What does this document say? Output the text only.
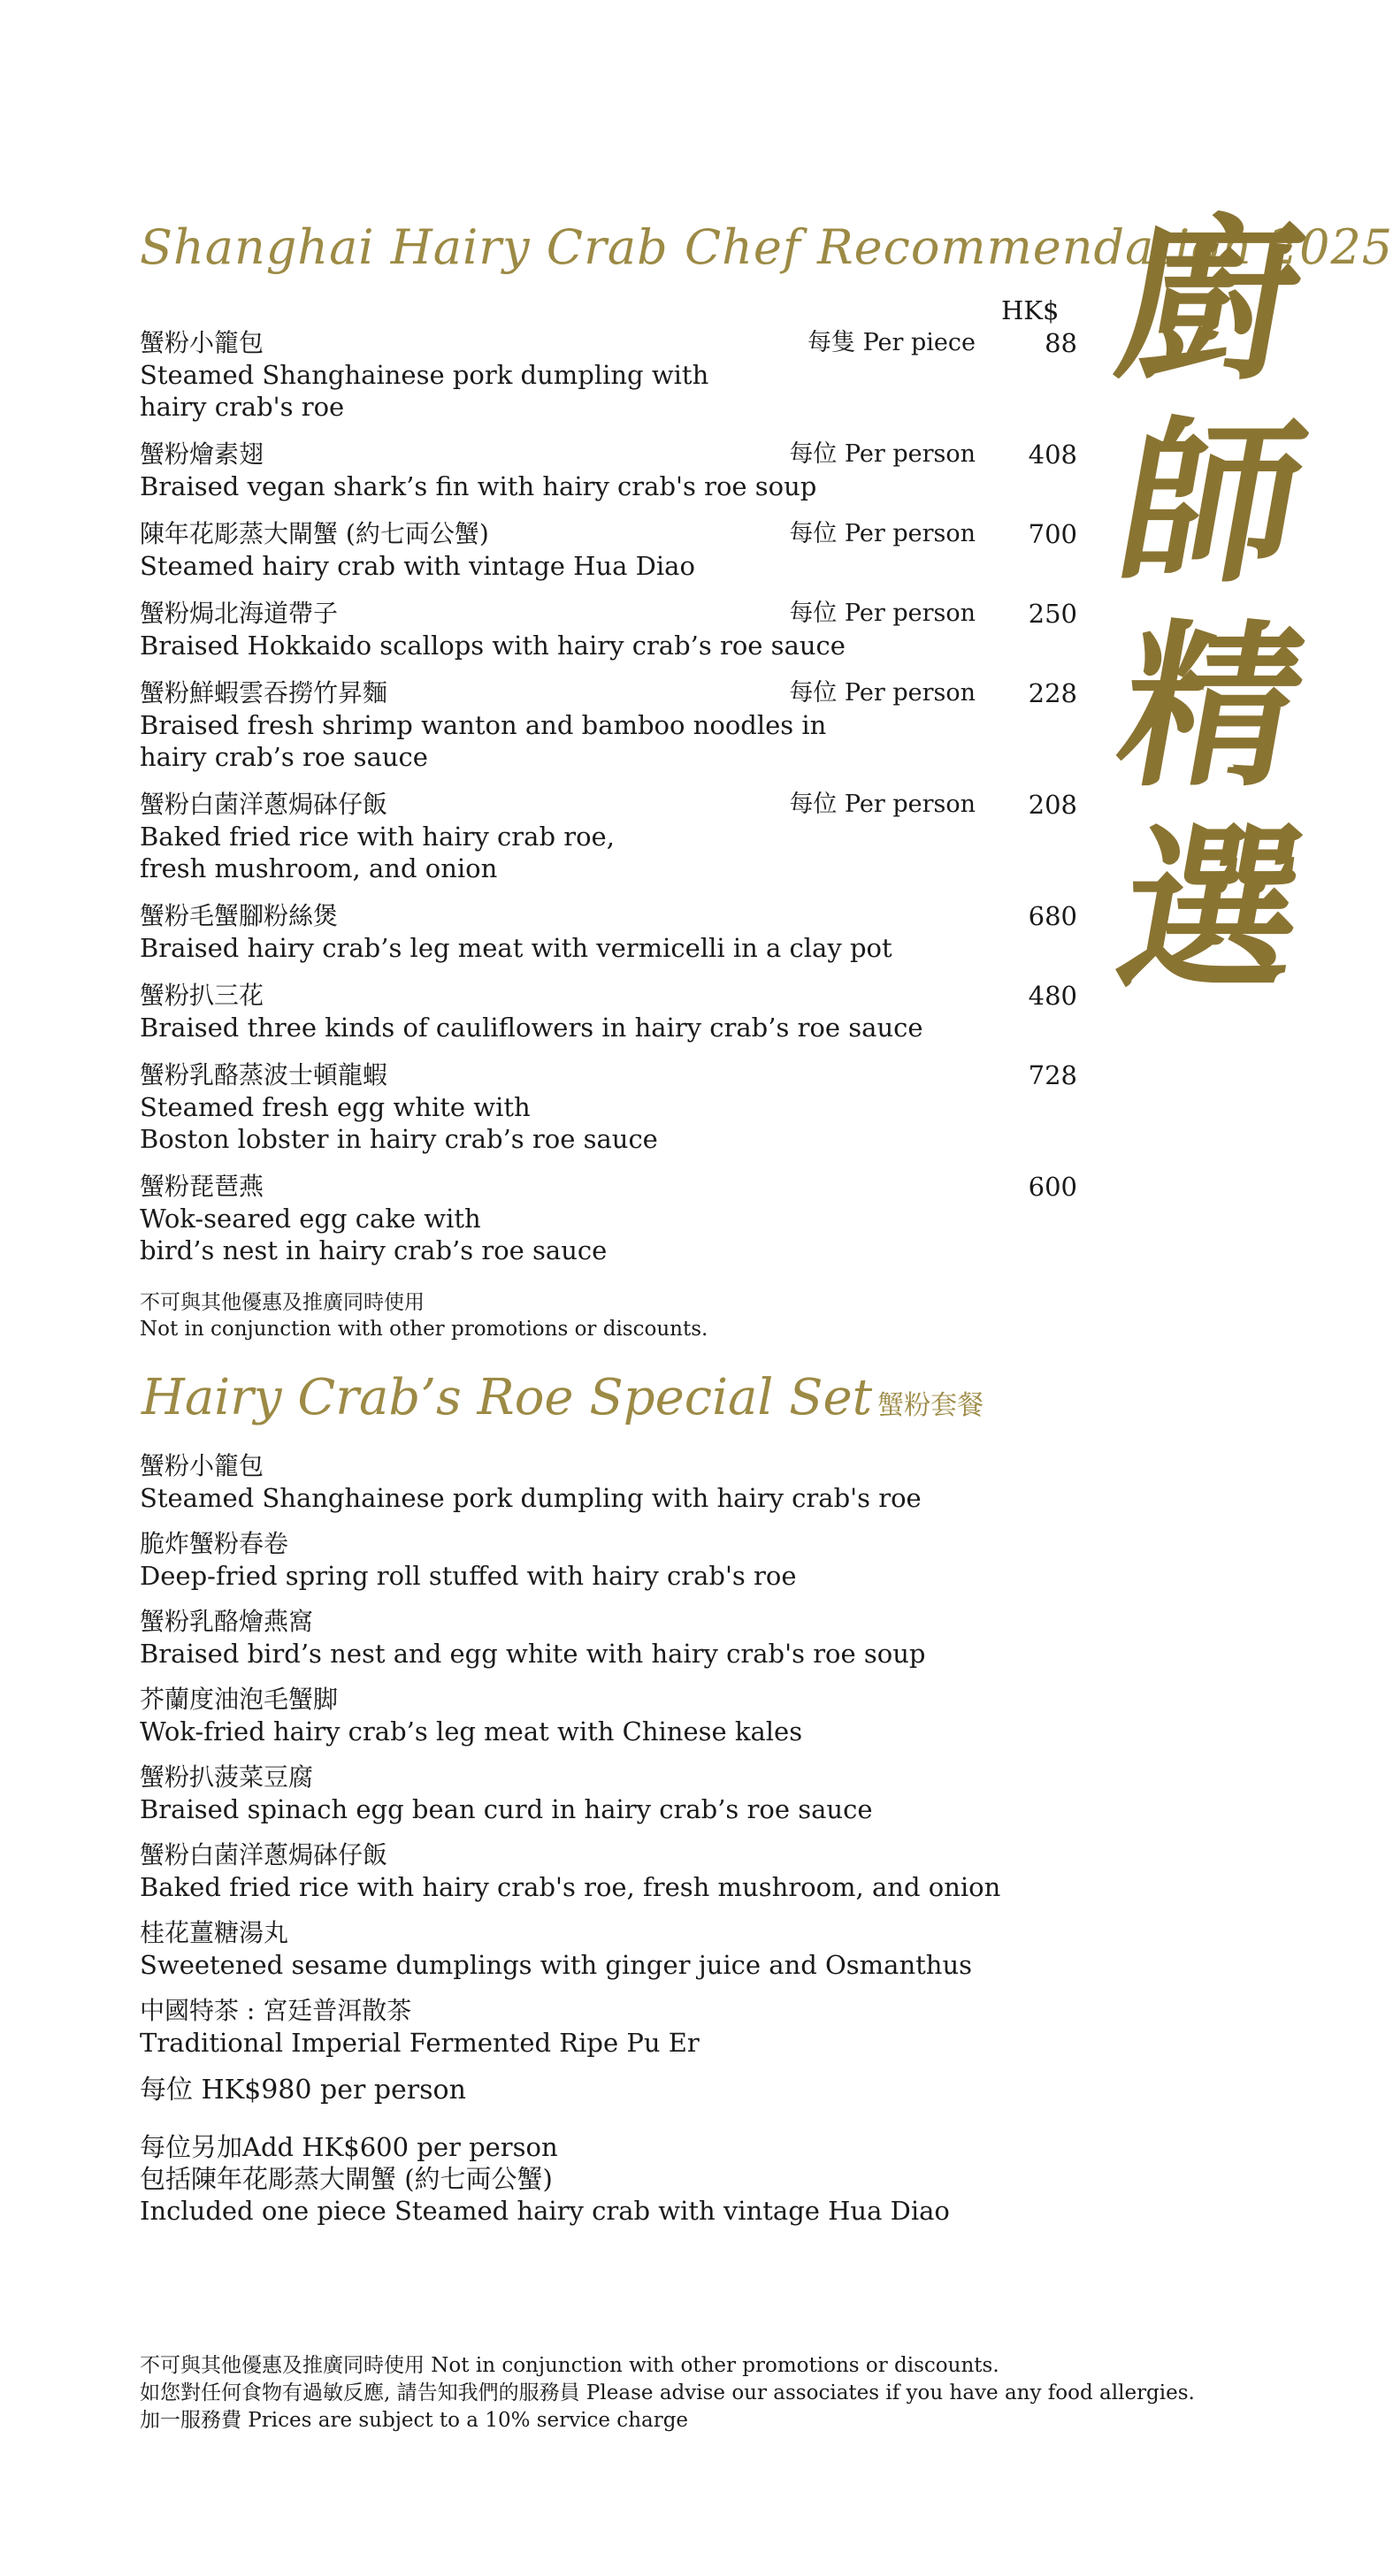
Shanghai Hairy Crab Chef Recommendation 2025
HK$
蟹粉小籠包
Steamed Shanghainese pork dumpling with
hairy crab's roe
每隻 Per piece	88
蟹粉燴素翅
Braised vegan shark’s fin with hairy crab's roe soup
每位 Per person	408
陳年花彫蒸大閘蟹 (約七両公蟹)
Steamed hairy crab with vintage Hua Diao
每位 Per person	700
蟹粉焗北海道帶子
Braised Hokkaido scallops with hairy crab’s roe sauce
每位 Per person	250
蟹粉鮮蝦雲吞撈竹昇麵
Braised fresh shrimp wanton and bamboo noodles in
hairy crab’s roe sauce
每位 Per person	228
蟹粉白菌洋蔥焗砵仔飯
Baked fried rice with hairy crab roe,
fresh mushroom, and onion
每位 Per person	208
蟹粉毛蟹腳粉絲煲
Braised hairy crab’s leg meat with vermicelli in a clay pot
680
蟹粉扒三花
Braised three kinds of cauliflowers in hairy crab’s roe sauce
480
蟹粉乳酪蒸波士頓龍蝦
Steamed fresh egg white with
Boston lobster in hairy crab’s roe sauce
728
蟹粉琵琶燕
Wok-seared egg cake with
bird’s nest in hairy crab’s roe sauce
600
不可與其他優惠及推廣同時使用
Not in conjunction with other promotions or discounts.
廚
師
精
選
Hairy Crab’s Roe Special Set 蟹粉套餐
蟹粉小籠包
Steamed Shanghainese pork dumpling with hairy crab's roe
脆炸蟹粉春卷
Deep-fried spring roll stuffed with hairy crab's roe
蟹粉乳酪燴燕窩
Braised bird’s nest and egg white with hairy crab's roe soup
芥蘭度油泡毛蟹脚
Wok-fried hairy crab’s leg meat with Chinese kales
蟹粉扒菠菜豆腐
Braised spinach egg bean curd in hairy crab’s roe sauce
蟹粉白菌洋蔥焗砵仔飯
Baked fried rice with hairy crab's roe, fresh mushroom, and onion
桂花薑糖湯丸
Sweetened sesame dumplings with ginger juice and Osmanthus
中國特茶 : 宮廷普洱散茶
Traditional Imperial Fermented Ripe Pu Er
每位 HK$980 per person
每位另加Add HK$600 per person
包括陳年花彫蒸大閘蟹 (約七両公蟹)
Included one piece Steamed hairy crab with vintage Hua Diao
不可與其他優惠及推廣同時使用 Not in conjunction with other promotions or discounts.
如您對任何食物有過敏反應, 請告知我們的服務員 Please advise our associates if you have any food allergies.
加一服務費 Prices are subject to a 10% service charge
